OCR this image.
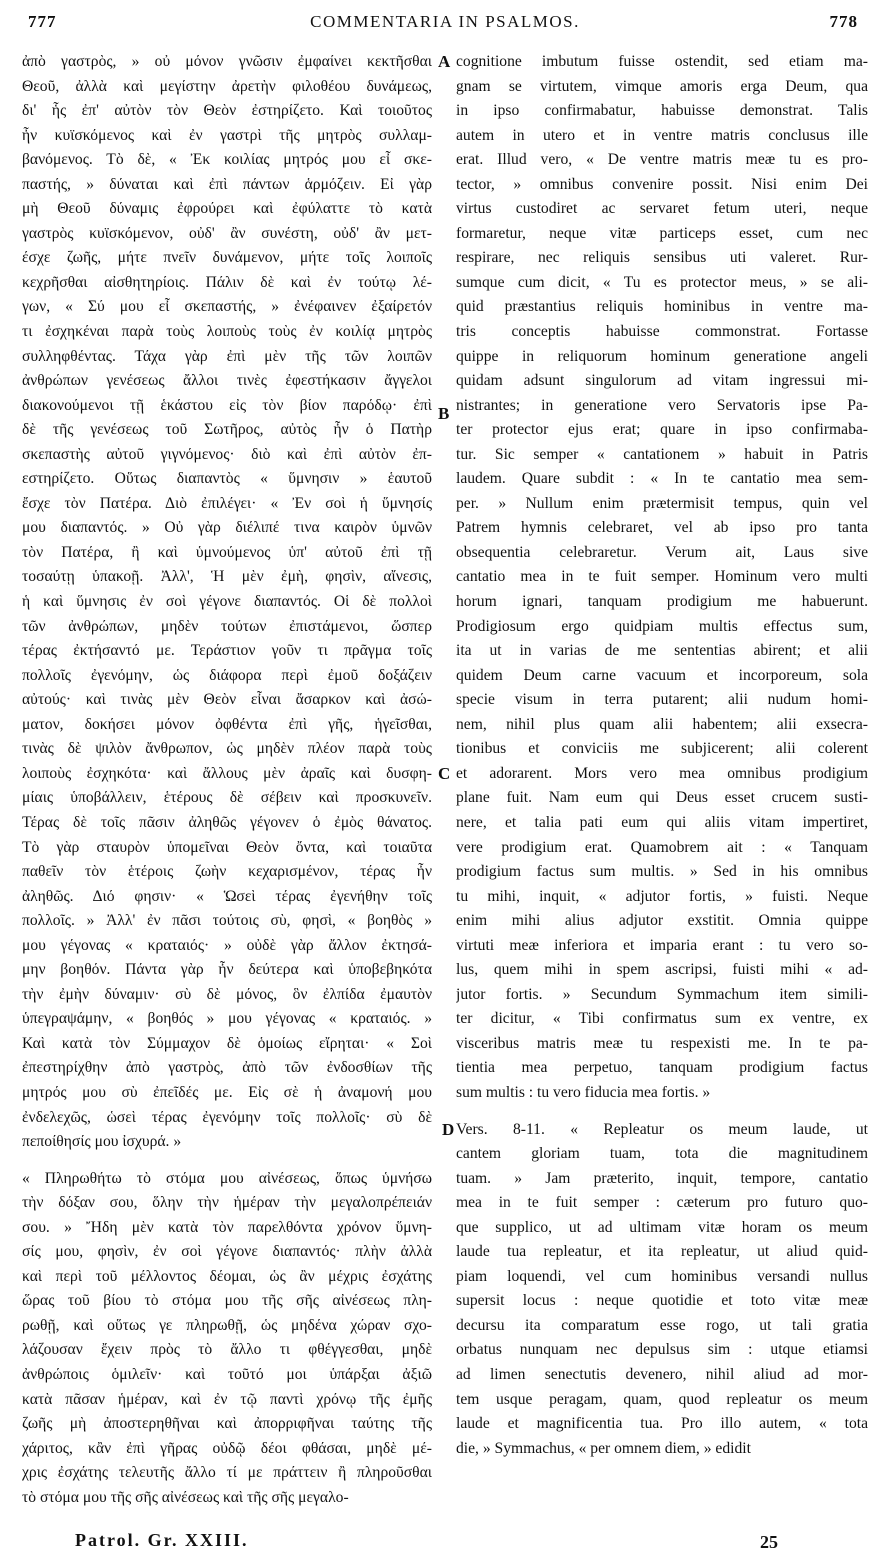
777	COMMENTARIA IN PSALMOS.	778
ἀπὸ γαστρὸς, » οὐ μόνον γνῶσιν ἐμφαίνει κεκτῆσθαι
Θεοῦ, ἀλλὰ καὶ μεγίστην ἀρετὴν φιλοθέου δυνάμεως,
δι' ἧς ἐπ' αὐτὸν τὸν Θεὸν ἐστηρίζετο. Καὶ τοιοῦτος
ἦν κυϊσκόμενος καὶ ἐν γαστρὶ τῆς μητρὸς συλλαμ-
βανόμενος. Τὸ δὲ, « Ἐκ κοιλίας μητρός μου εἶ σκε-
παστής, » δύναται καὶ ἐπὶ πάντων ἁρμόζειν. Εἰ γὰρ
μὴ Θεοῦ δύναμις ἐφρούρει καὶ ἐφύλαττε τὸ κατὰ
γαστρὸς κυϊσκόμενον, οὐδ' ἂν συνέστη, οὐδ' ἂν μετ-
έσχε ζωῆς, μήτε πνεῖν δυνάμενον, μήτε τοῖς λοιποῖς
κεχρῆσθαι αἰσθητηρίοις. Πάλιν δὲ καὶ ἐν τούτῳ λέ-
γων, « Σύ μου εἶ σκεπαστής, » ἐνέφαινεν ἐξαίρετόν
τι ἐσχηκέναι παρὰ τοὺς λοιποὺς τοὺς ἐν κοιλίᾳ μητρὸς
συλληφθέντας. Τάχα γὰρ ἐπὶ μὲν τῆς τῶν λοιπῶν
ἀνθρώπων γενέσεως ἄλλοι τινὲς ἐφεστήκασιν ἄγγελοι
διακονούμενοι τῇ ἑκάστου εἰς τὸν βίον παρόδῳ· ἐπὶ
δὲ τῆς γενέσεως τοῦ Σωτῆρος, αὐτὸς ἦν ὁ Πατὴρ
σκεπαστὴς αὐτοῦ γιγνόμενος· διὸ καὶ ἐπὶ αὐτὸν ἐπ-
εστηρίζετο. Οὕτως διαπαντὸς « ὕμνησιν » ἑαυτοῦ
ἔσχε τὸν Πατέρα. Διὸ ἐπιλέγει· « Ἐν σοὶ ἡ ὕμνησίς
μου διαπαντός. » Οὐ γὰρ διέλιπέ τινα καιρὸν ὑμνῶν
τὸν Πατέρα, ἢ καὶ ὑμνούμενος ὑπ' αὐτοῦ ἐπὶ τῇ
τοσαύτῃ ὑπακοῇ. Ἀλλ', Ἡ μὲν ἐμὴ, φησὶν, αἴνεσις,
ἡ καὶ ὕμνησις ἐν σοὶ γέγονε διαπαντός. Οἱ δὲ πολλοὶ
τῶν ἀνθρώπων, μηδὲν τούτων ἐπιστάμενοι, ὥσπερ
τέρας ἐκτήσαντό με. Τεράστιον γοῦν τι πρᾶγμα τοῖς
πολλοῖς ἐγενόμην, ὡς διάφορα περὶ ἐμοῦ δοξάζειν
αὐτούς· καὶ τινὰς μὲν Θεὸν εἶναι ἄσαρκον καὶ ἀσώ-
ματον, δοκήσει μόνον ὀφθέντα ἐπὶ γῆς, ἡγεῖσθαι,
τινὰς δὲ ψιλὸν ἄνθρωπον, ὡς μηδὲν πλέον παρὰ τοὺς
λοιποὺς ἐσχηκότα· καὶ ἄλλους μὲν ἀραῖς καὶ δυσφη-
μίαις ὑποβάλλειν, ἑτέρους δὲ σέβειν καὶ προσκυνεῖν.
Τέρας δὲ τοῖς πᾶσιν ἀληθῶς γέγονεν ὁ ἐμὸς θάνατος.
Τὸ γὰρ σταυρὸν ὑπομεῖναι Θεὸν ὄντα, καὶ τοιαῦτα
παθεῖν τὸν ἑτέροις ζωὴν κεχαρισμένον, τέρας ἦν
ἀληθῶς. Διό φησιν· « Ὡσεὶ τέρας ἐγενήθην τοῖς
πολλοῖς. » Ἀλλ' ἐν πᾶσι τούτοις σὺ, φησὶ, « βοηθὸς »
μου γέγονας « κραταιός· » οὐδὲ γὰρ ἄλλον ἐκτησά-
μην βοηθόν. Πάντα γὰρ ἦν δεύτερα καὶ ὑποβεβηκότα
τὴν ἐμὴν δύναμιν· σὺ δὲ μόνος, ὃν ἐλπίδα ἐμαυτὸν
ὑπεγραψάμην, « βοηθός » μου γέγονας « κραταιός. »
Καὶ κατὰ τὸν Σύμμαχον δὲ ὁμοίως εἴρηται· « Σοὶ
ἐπεστηρίχθην ἀπὸ γαστρὸς, ἀπὸ τῶν ἐνδοσθίων τῆς
μητρός μου σὺ ἐπεῖδές με. Εἰς σὲ ἡ ἀναμονή μου
ἐνδελεχῶς, ὡσεὶ τέρας ἐγενόμην τοῖς πολλοῖς· σὺ δὲ
πεποίθησίς μου ἰσχυρά. »
« Πληρωθήτω τὸ στόμα μου αἰνέσεως, ὅπως ὑμνήσω
τὴν δόξαν σου, ὅλην τὴν ἡμέραν τὴν μεγαλοπρέπειάν
σου. » Ἤδη μὲν κατὰ τὸν παρελθόντα χρόνον ὕμνη-
σίς μου, φησὶν, ἐν σοὶ γέγονε διαπαντός· πλὴν ἀλλὰ
καὶ περὶ τοῦ μέλλοντος δέομαι, ὡς ἂν μέχρις ἐσχάτης
ὥρας τοῦ βίου τὸ στόμα μου τῆς σῆς αἰνέσεως πλη-
ρωθῇ, καὶ οὕτως γε πληρωθῇ, ὡς μηδένα χώραν σχο-
λάζουσαν ἔχειν πρὸς τὸ ἄλλο τι φθέγγεσθαι, μηδὲ
ἀνθρώποις ὁμιλεῖν· καὶ τοῦτό μοι ὑπάρξαι ἀξιῶ
κατὰ πᾶσαν ἡμέραν, καὶ ἐν τῷ παντὶ χρόνῳ τῆς ἐμῆς
ζωῆς μὴ ἀποστερηθῆναι καὶ ἀπορριφῆναι ταύτης τῆς
χάριτος, κἂν ἐπὶ γῆρας οὐδῷ δέοι φθάσαι, μηδὲ μέ-
χρις ἐσχάτης τελευτῆς ἄλλο τί με πράττειν ἢ πληροῦσθαι
τὸ στόμα μου τῆς σῆς αἰνέσεως καὶ τῆς σῆς μεγαλο-
cognitione imbutum fuisse ostendit, sed etiam ma-
gnam se virtutem, vimque amoris erga Deum, qua
in ipso confirmabatur, habuisse demonstrat. Talis
autem in utero et in ventre matris conclusus ille
erat. Illud vero, « De ventre matris meæ tu es pro-
tector, » omnibus convenire possit. Nisi enim Dei
virtus custodiret ac servaret fetum uteri, neque
formaretur, neque vitæ particeps esset, cum nec
respirare, nec reliquis sensibus uti valeret. Rur-
sumque cum dicit, « Tu es protector meus, » se ali-
quid præstantius reliquis hominibus in ventre ma-
tris conceptis habuisse commonstrat. Fortasse
quippe in reliquorum hominum generatione angeli
quidam adsunt singulorum ad vitam ingressui mi-
nistrantes; in generatione vero Servatoris ipse Pa-
ter protector ejus erat; quare in ipso confirmaba-
tur. Sic semper « cantationem » habuit in Patris
laudem. Quare subdit : « In te cantatio mea sem-
per. » Nullum enim prætermisit tempus, quin vel
Patrem hymnis celebraret, vel ab ipso pro tanta
obsequentia celebraretur. Verum ait, Laus sive
cantatio mea in te fuit semper. Hominum vero multi
horum ignari, tanquam prodigium me habuerunt.
Prodigiosum ergo quidpiam multis effectus sum,
ita ut in varias de me sententias abirent; et alii
quidem Deum carne vacuum et incorporeum, sola
specie visum in terra putarent; alii nudum homi-
nem, nihil plus quam alii habentem; alii exsecra-
tionibus et conviciis me subjicerent; alii colerent
et adorarent. Mors vero mea omnibus prodigium
plane fuit. Nam eum qui Deus esset crucem susti-
nere, et talia pati eum qui aliis vitam impertiret,
vere prodigium erat. Quamobrem ait : « Tanquam
prodigium factus sum multis. » Sed in his omnibus
tu mihi, inquit, « adjutor fortis, » fuisti. Neque
enim mihi alius adjutor exstitit. Omnia quippe
virtuti meæ inferiora et imparia erant : tu vero so-
lus, quem mihi in spem ascripsi, fuisti mihi « ad-
jutor fortis. » Secundum Symmachum item simili-
ter dicitur, « Tibi confirmatus sum ex ventre, ex
visceribus matris meæ tu respexisti me. In te pa-
tientia mea perpetuo, tanquam prodigium factus
sum multis : tu vero fiducia mea fortis. »
Vers. 8-11. « Repleatur os meum laude, ut
cantem gloriam tuam, tota die magnitudinem
tuam. » Jam præterito, inquit, tempore, cantatio
mea in te fuit semper : cæterum pro futuro quo-
que supplico, ut ad ultimam vitæ horam os meum
laude tua repleatur, et ita repleatur, ut aliud quid-
piam loquendi, vel cum hominibus versandi nullus
supersit locus : neque quotidie et toto vitæ meæ
decursu ita comparatum esse rogo, ut tali gratia
orbatus nunquam nec depulsus sim : utque etiamsi
ad limen senectutis devenero, nihil aliud ad mor-
tem usque peragam, quam, quod repleatur os meum
laude et magnificentia tua. Pro illo autem, « tota
die, » Symmachus, « per omnem diem, » edidit
A
B
C
D
Patrol. Gr. XXIII.	25
